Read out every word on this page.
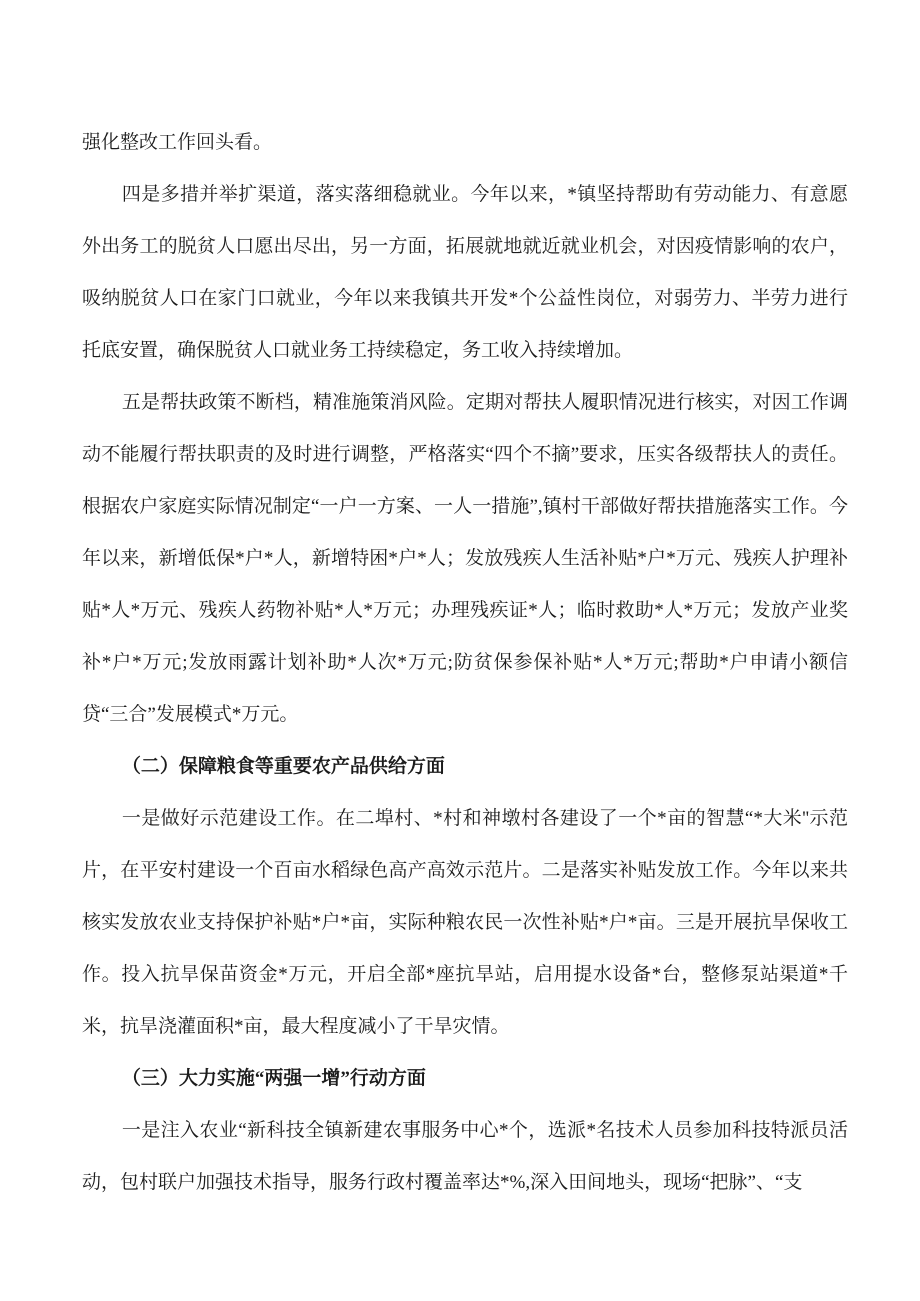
强化整改工作回头看。

四是多措并举扩渠道，落实落细稳就业。今年以来，*镇坚持帮助有劳动能力、有意愿外出务工的脱贫人口愿出尽出，另一方面，拓展就地就近就业机会，对因疫情影响的农户，吸纳脱贫人口在家门口就业，今年以来我镇共开发*个公益性岗位，对弱劳力、半劳力进行托底安置，确保脱贫人口就业务工持续稳定，务工收入持续增加。

五是帮扶政策不断档，精准施策消风险。定期对帮扶人履职情况进行核实，对因工作调动不能履行帮扶职责的及时进行调整，严格落实“四个不摘”要求，压实各级帮扶人的责任。根据农户家庭实际情况制定“一户一方案、一人一措施”,镇村干部做好帮扶措施落实工作。今年以来，新增低保*户*人，新增特困*户*人；发放残疾人生活补贴*户*万元、残疾人护理补贴*人*万元、残疾人药物补贴*人*万元；办理残疾证*人；临时救助*人*万元；发放产业奖补*户*万元;发放雨露计划补助*人次*万元;防贫保参保补贴*人*万元;帮助*户申请小额信贷“三合”发展模式*万元。

（二）保障粮食等重要农产品供给方面

一是做好示范建设工作。在二埠村、*村和神墩村各建设了一个*亩的智慧“*大米''示范片，在平安村建设一个百亩水稻绿色高产高效示范片。二是落实补贴发放工作。今年以来共核实发放农业支持保护补贴*户*亩，实际种粮农民一次性补贴*户*亩。三是开展抗旱保收工作。投入抗旱保苗资金*万元，开启全部*座抗旱站，启用提水设备*台，整修泵站渠道*千米，抗旱浇灌面积*亩，最大程度减小了干旱灾情。

（三）大力实施“两强一增”行动方面

一是注入农业“新科技全镇新建农事服务中心*个，选派*名技术人员参加科技特派员活动，包村联户加强技术指导，服务行政村覆盖率达*%,深入田间地头，现场“把脉”、“支
